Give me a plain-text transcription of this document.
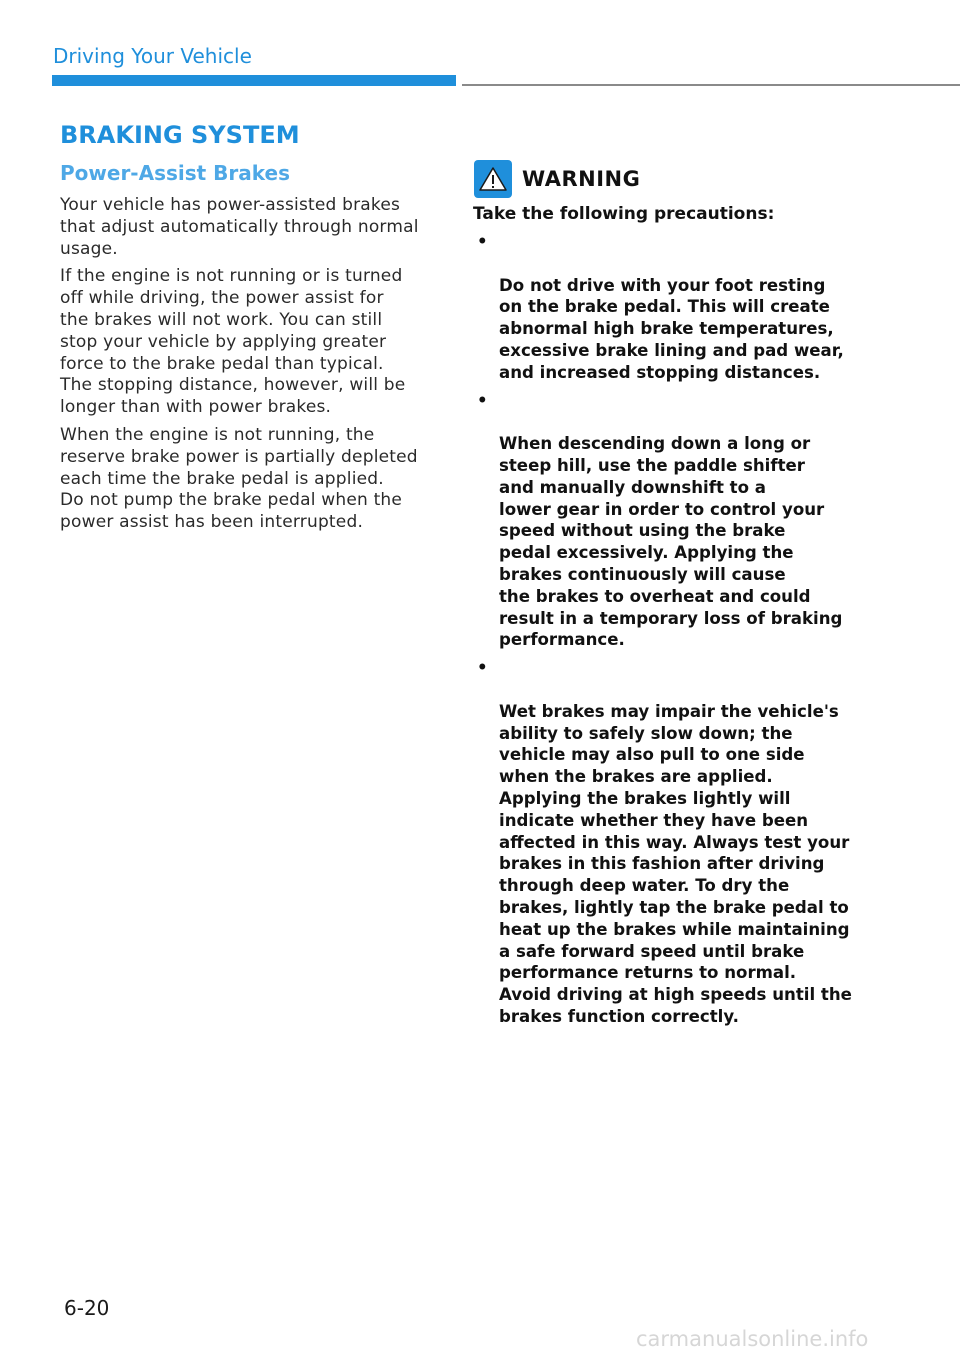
Driving Your Vehicle
BRAKING SYSTEM
Power-Assist Brakes

Your vehicle has power-assisted brakes
that adjust automatically through normal
usage.

If the engine is not running or is turned
off while driving, the power assist for
the brakes will not work. You can still
stop your vehicle by applying greater
force to the brake pedal than typical.
The stopping distance, however, will be
longer than with power brakes.

When the engine is not running, the
reserve brake power is partially depleted
each time the brake pedal is applied.
Do not pump the brake pedal when the
power assist has been interrupted.

WARNING

Take the following precautions:

•

Do not drive with your foot resting
on the brake pedal. This will create
abnormal high brake temperatures,
excessive brake lining and pad wear,
and increased stopping distances.

•

When descending down a long or
steep hill, use the paddle shifter
and manually downshift to a
lower gear in order to control your
speed without using the brake
pedal excessively. Applying the
brakes continuously will cause
the brakes to overheat and could
result in a temporary loss of braking
performance.

•

Wet brakes may impair the vehicle's
ability to safely slow down; the
vehicle may also pull to one side
when the brakes are applied.
Applying the brakes lightly will
indicate whether they have been
affected in this way. Always test your
brakes in this fashion after driving
through deep water. To dry the
brakes, lightly tap the brake pedal to
heat up the brakes while maintaining
a safe forward speed until brake
performance returns to normal.
Avoid driving at high speeds until the
brakes function correctly.

6-20
carmanualsonline.info
